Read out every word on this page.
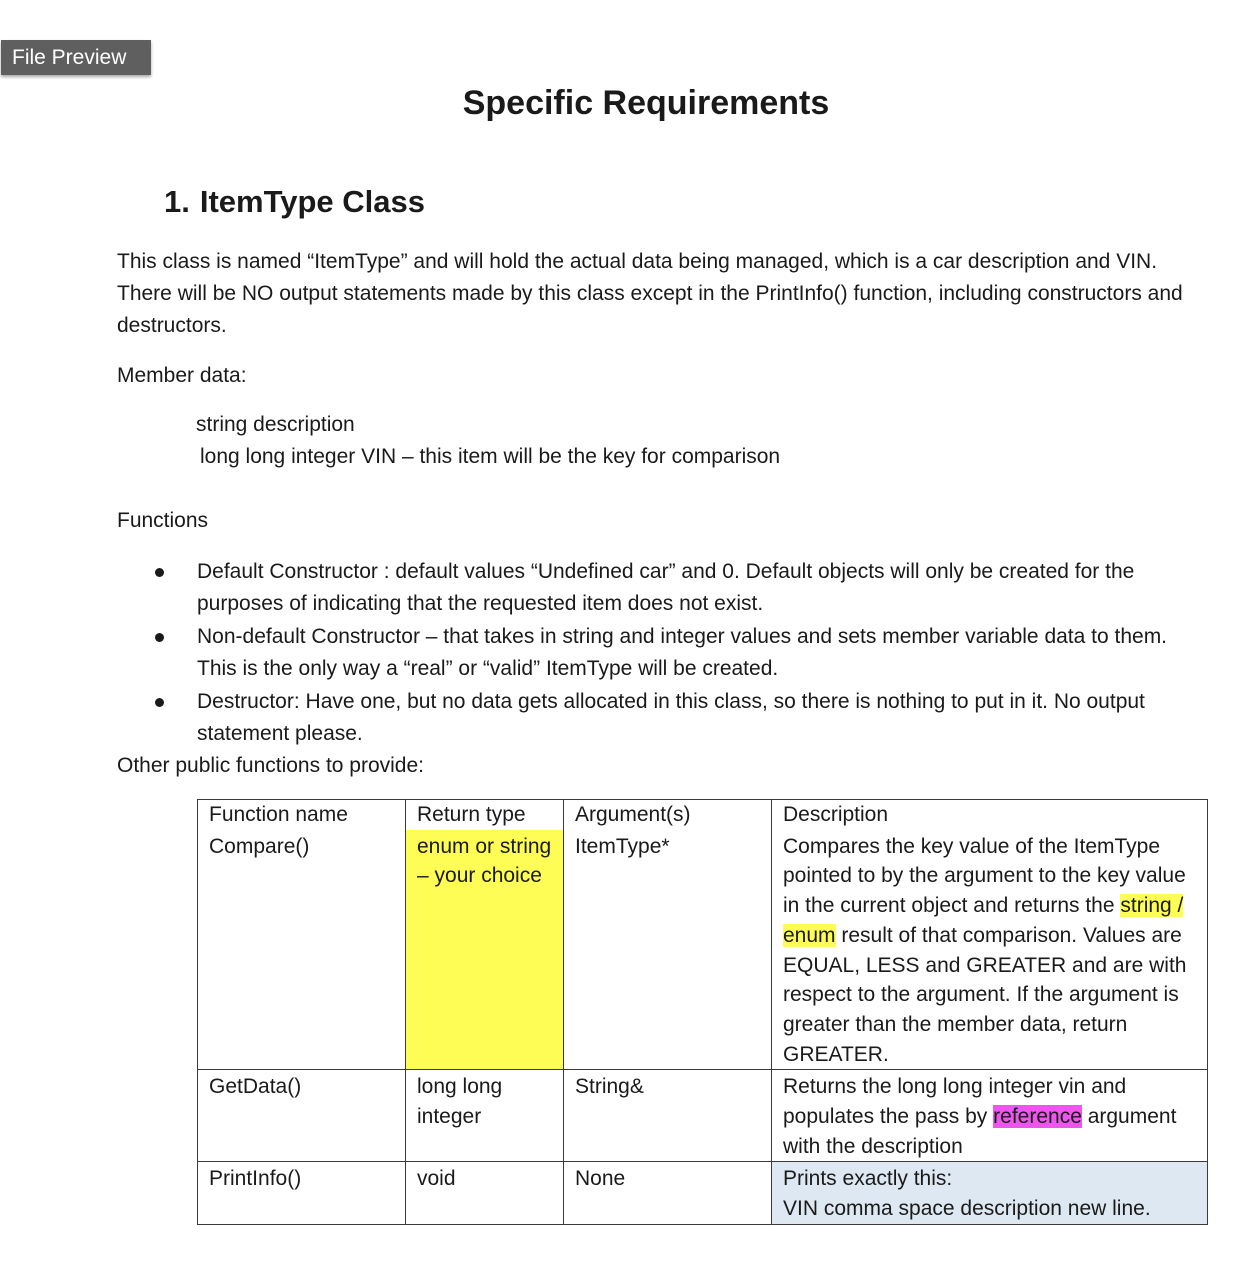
File Preview
Specific Requirements
1. ItemType Class
This class is named “ItemType” and will hold the actual data being managed, which is a car description and VIN. There will be NO output statements made by this class except in the PrintInfo() function, including constructors and destructors.
Member data:
string description
long long integer VIN – this item will be the key for comparison
Functions
Default Constructor : default values “Undefined car” and 0. Default objects will only be created for the purposes of indicating that the requested item does not exist.
Non-default Constructor – that takes in string and integer values and sets member variable data to them. This is the only way a “real” or “valid” ItemType will be created.
Destructor: Have one, but no data gets allocated in this class, so there is nothing to put in it. No output statement please.
Other public functions to provide:
Function name	Return type	Argument(s)	Description
Compare()	enum or string – your choice	ItemType*	Compares the key value of the ItemType pointed to by the argument to the key value in the current object and returns the string / enum result of that comparison. Values are EQUAL, LESS and GREATER and are with respect to the argument. If the argument is greater than the member data, return GREATER.
GetData()	long long integer	String&	Returns the long long integer vin and populates the pass by reference argument with the description
PrintInfo()	void	None	Prints exactly this:
VIN comma space description new line.
